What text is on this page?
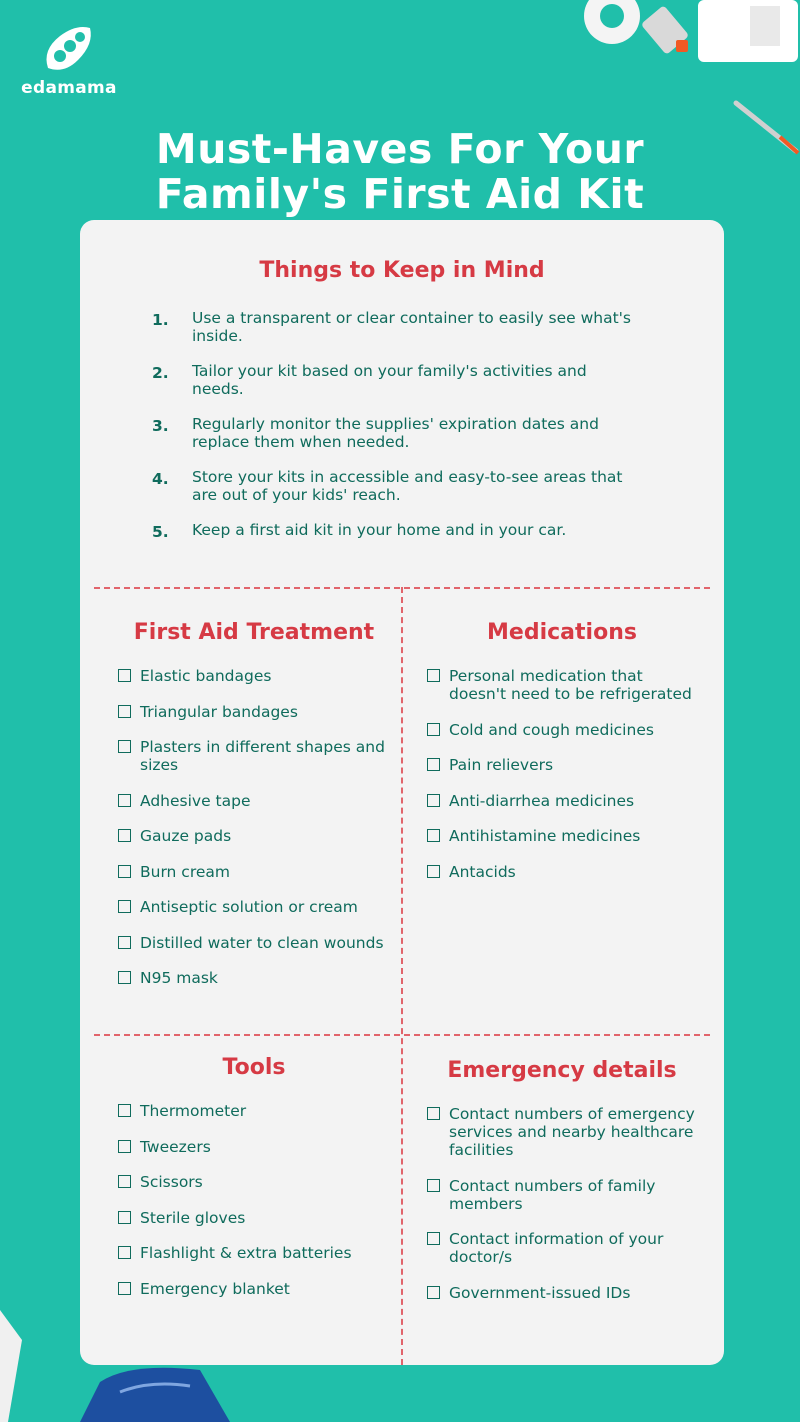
edamama
Must-Haves For Your
Family's First Aid Kit
Things to Keep in Mind
1. Use a transparent or clear container to easily see what's inside.
2. Tailor your kit based on your family's activities and needs.
3. Regularly monitor the supplies' expiration dates and replace them when needed.
4. Store your kits in accessible and easy-to-see areas that are out of your kids' reach.
5. Keep a first aid kit in your home and in your car.
First Aid Treatment
Elastic bandages
Triangular bandages
Plasters in different shapes and sizes
Adhesive tape
Gauze pads
Burn cream
Antiseptic solution or cream
Distilled water to clean wounds
N95 mask
Medications
Personal medication that doesn't need to be refrigerated
Cold and cough medicines
Pain relievers
Anti-diarrhea medicines
Antihistamine medicines
Antacids
Tools
Thermometer
Tweezers
Scissors
Sterile gloves
Flashlight & extra batteries
Emergency blanket
Emergency details
Contact numbers of emergency services and nearby healthcare facilities
Contact numbers of family members
Contact information of your doctor/s
Government-issued IDs
